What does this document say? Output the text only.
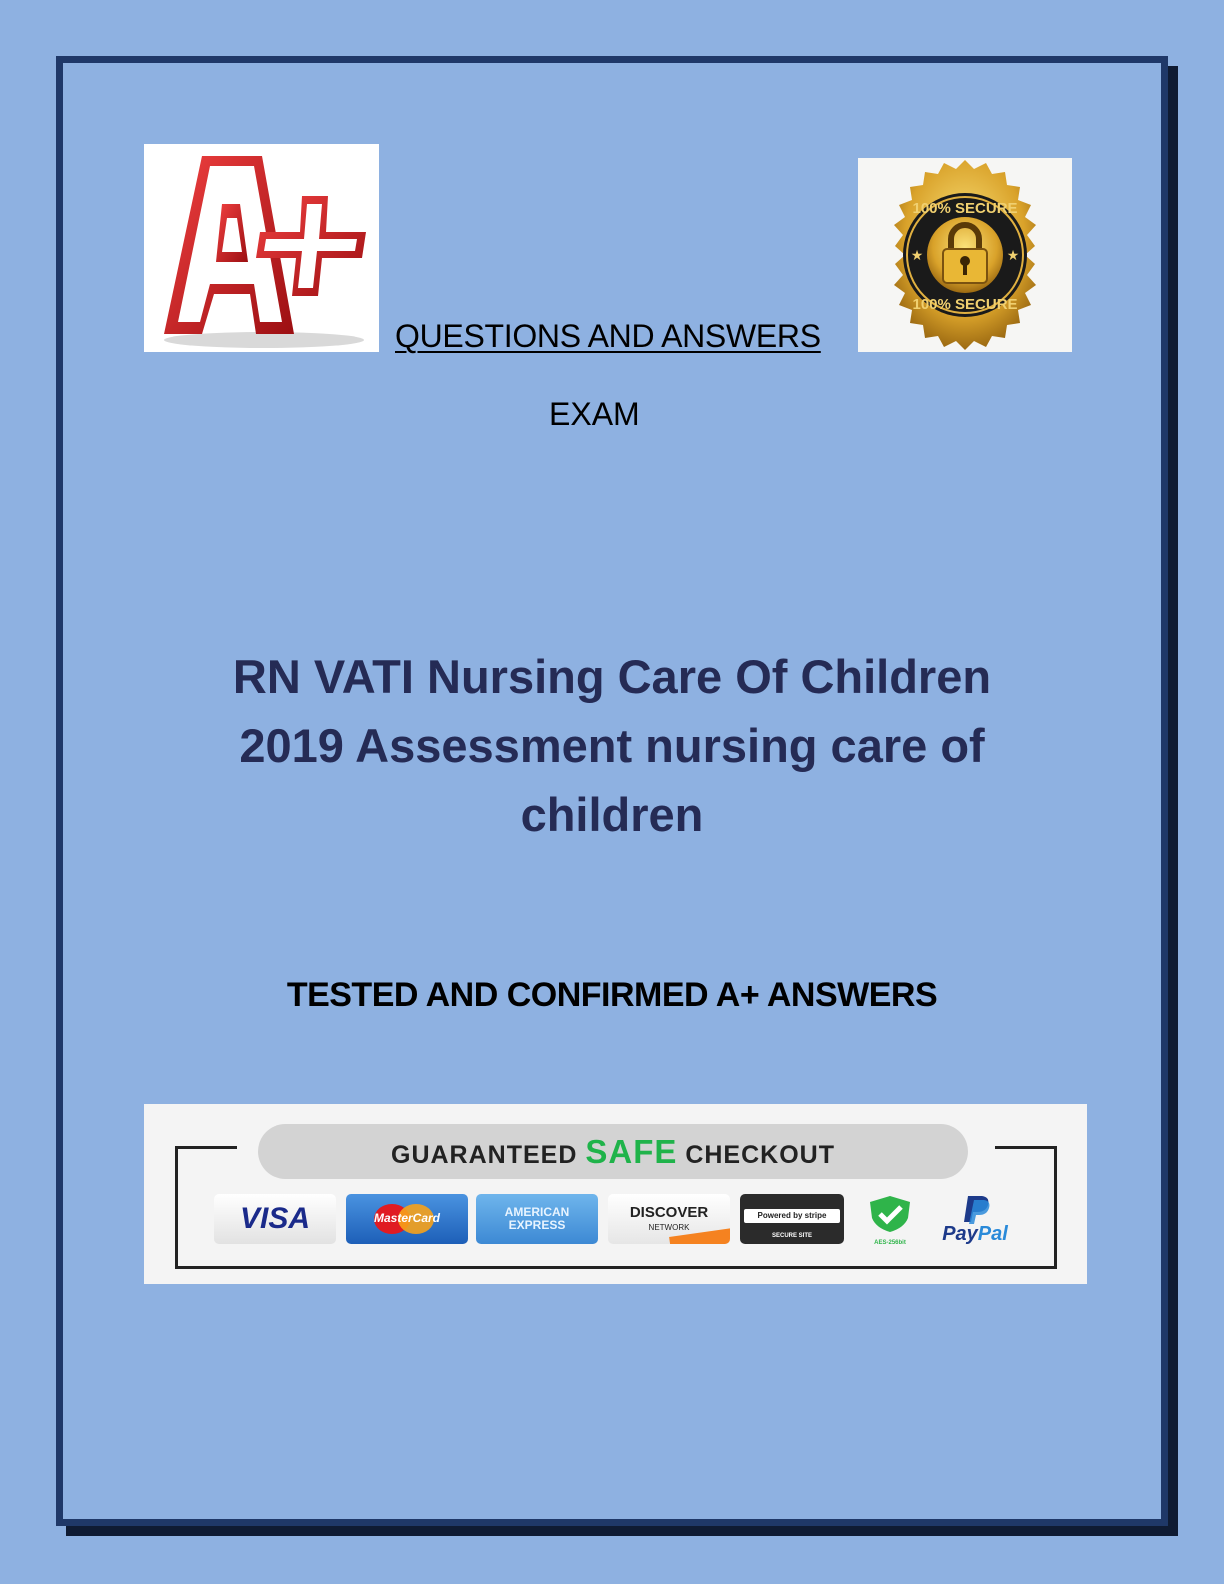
100% SECURE
100% SECURE
★	★
QUESTIONS AND ANSWERS
EXAM
RN VATI Nursing Care Of Children
2019 Assessment nursing care of
children
TESTED AND CONFIRMED A+ ANSWERS
GUARANTEED SAFE CHECKOUT
VISA	MasterCard	AMERICAN
EXPRESS
DISCOVER
NETWORK
Powered by stripe
SECURE SITE
AES-256bit	PayPal
